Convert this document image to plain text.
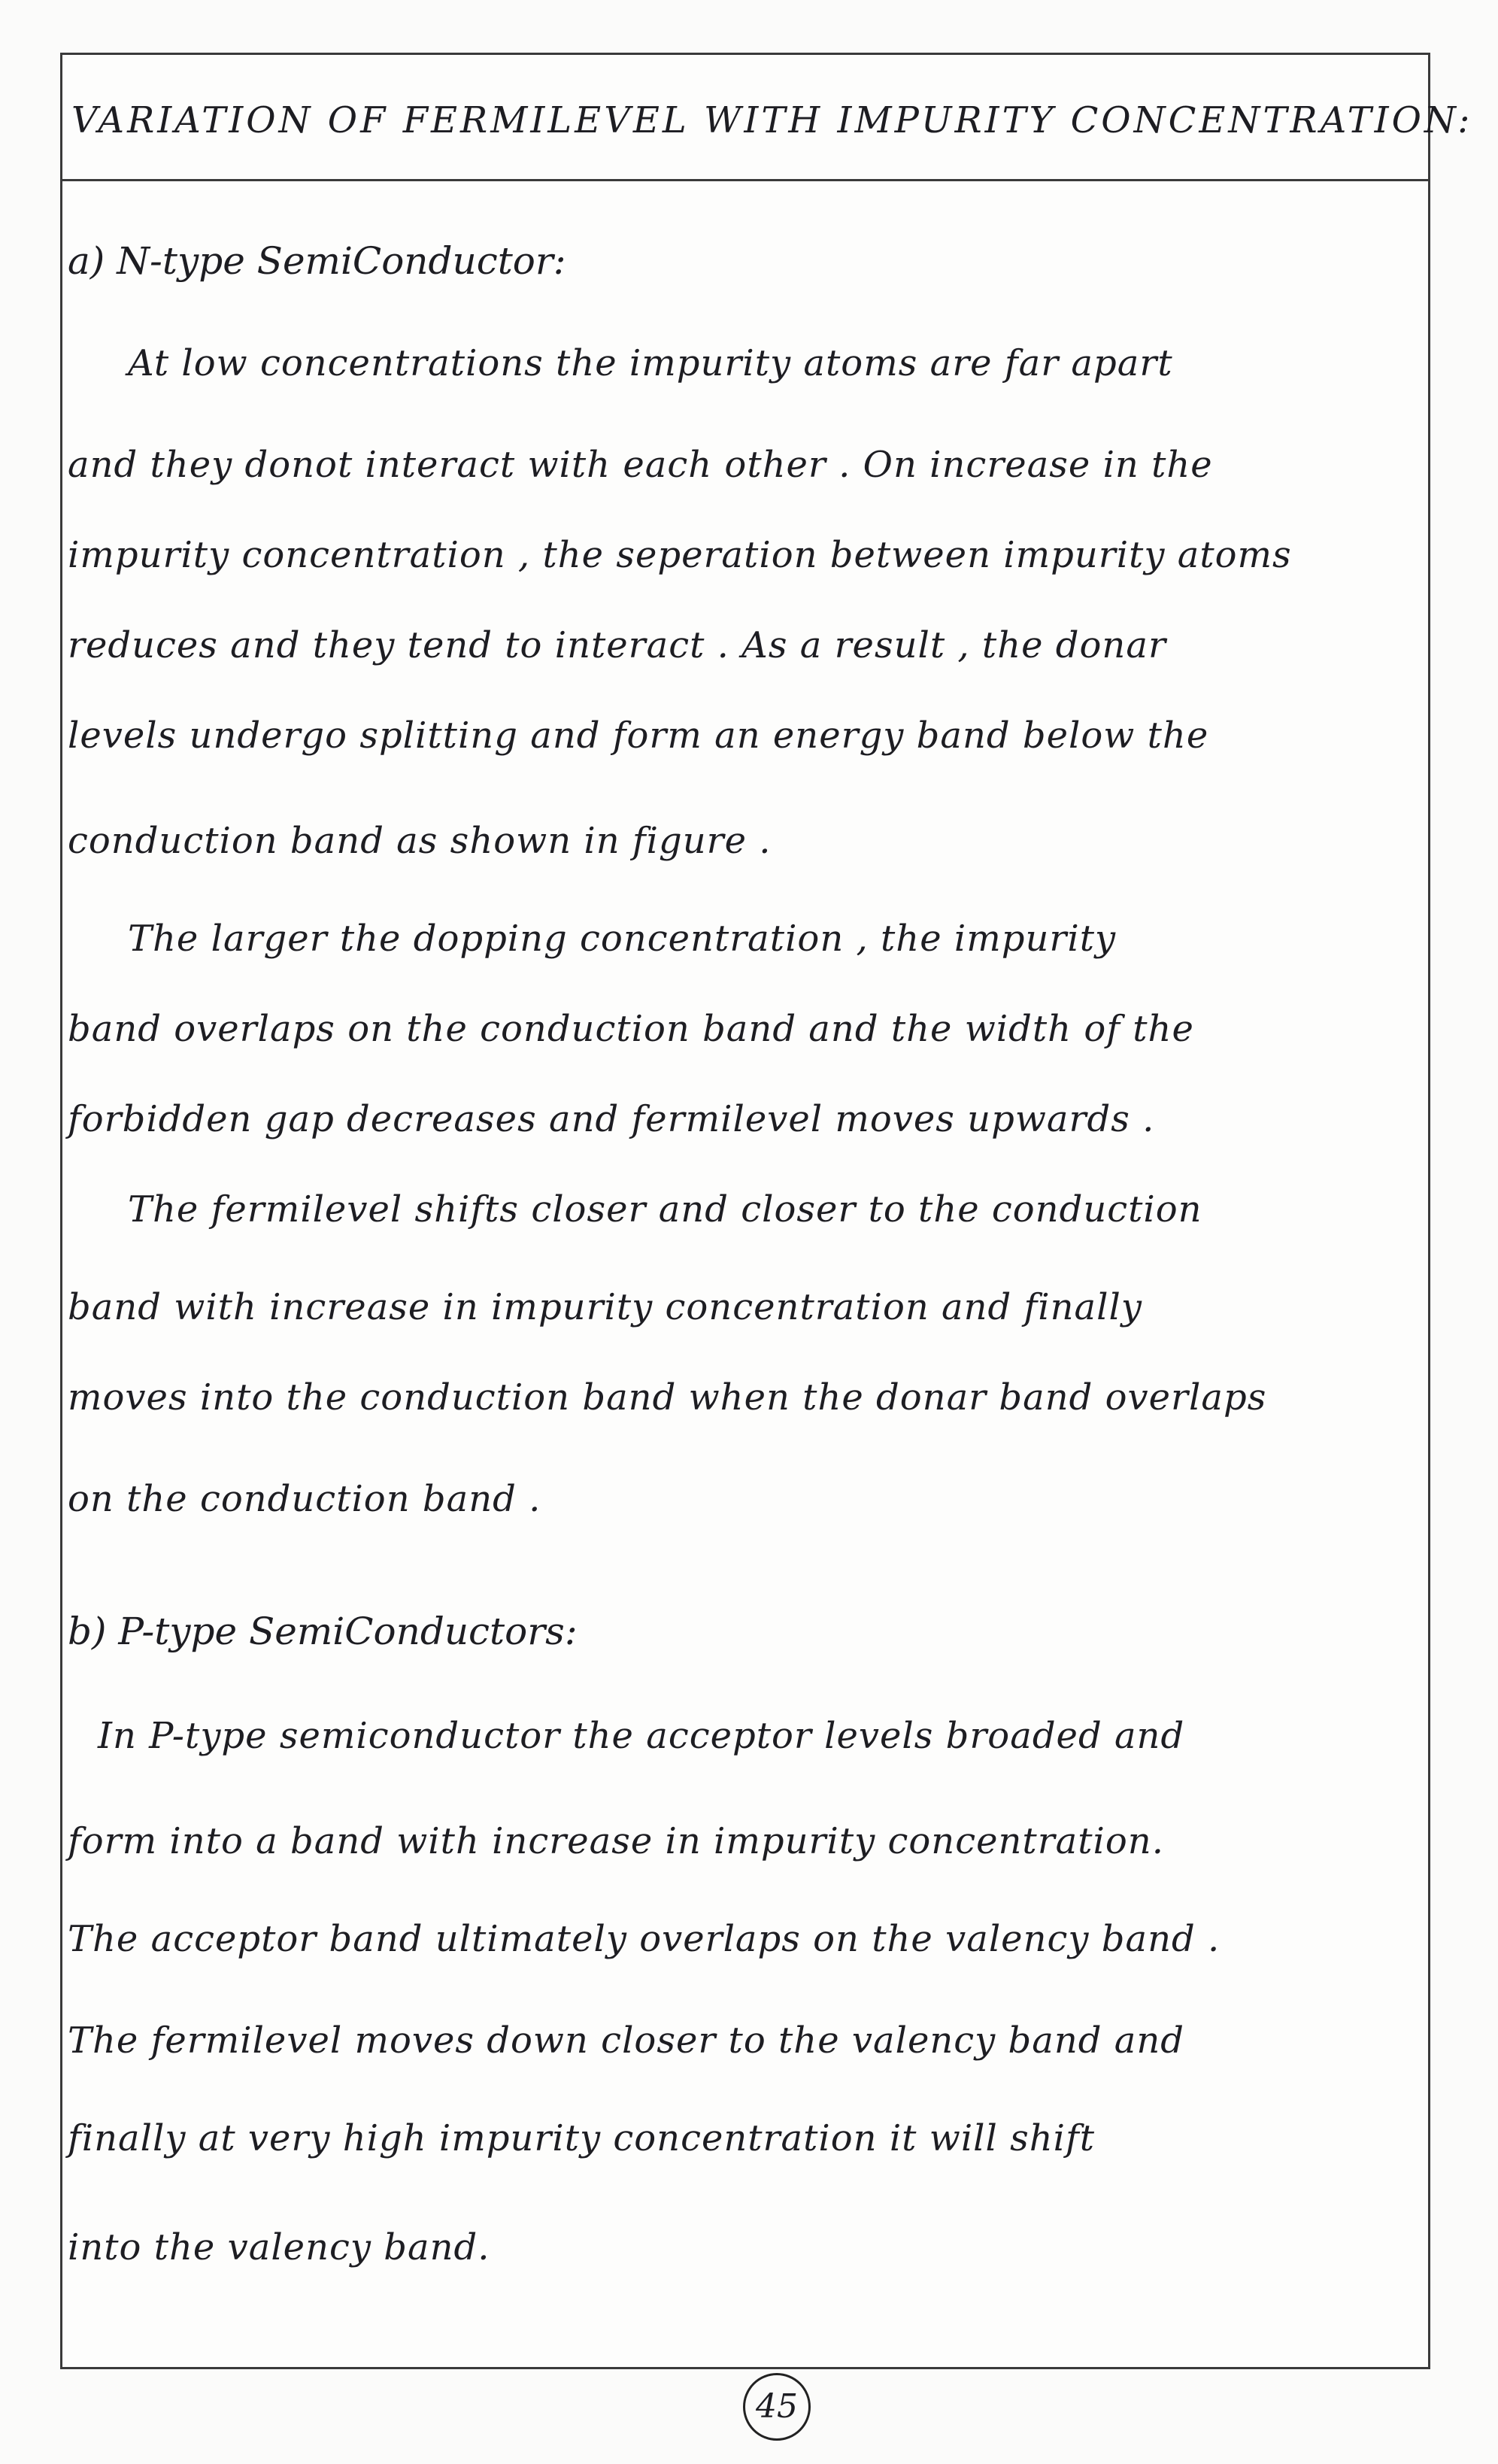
VARIATION OF FERMILEVEL WITH IMPURITY CONCENTRATION:
a) N-type SemiConductor:
At low concentrations the impurity atoms are far apart
and they donot interact with each other . On increase in the
impurity concentration , the seperation between impurity atoms
reduces and they tend to interact . As a result , the donar
levels undergo splitting and form an energy band below the
conduction band as shown in figure .
The larger the dopping concentration , the impurity
band overlaps on the conduction band and the width of the
forbidden gap decreases and fermilevel moves upwards .
The fermilevel shifts closer and closer to the conduction
band with increase in impurity concentration and finally
moves into the conduction band when the donar band overlaps
on the conduction band .
b) P-type SemiConductors:
In P-type semiconductor the acceptor levels broaded and
form into a band with increase in impurity concentration.
The acceptor band ultimately overlaps on the valency band .
The fermilevel moves down closer to the valency band and
finally at very high impurity concentration it will shift
into the valency band.
45
